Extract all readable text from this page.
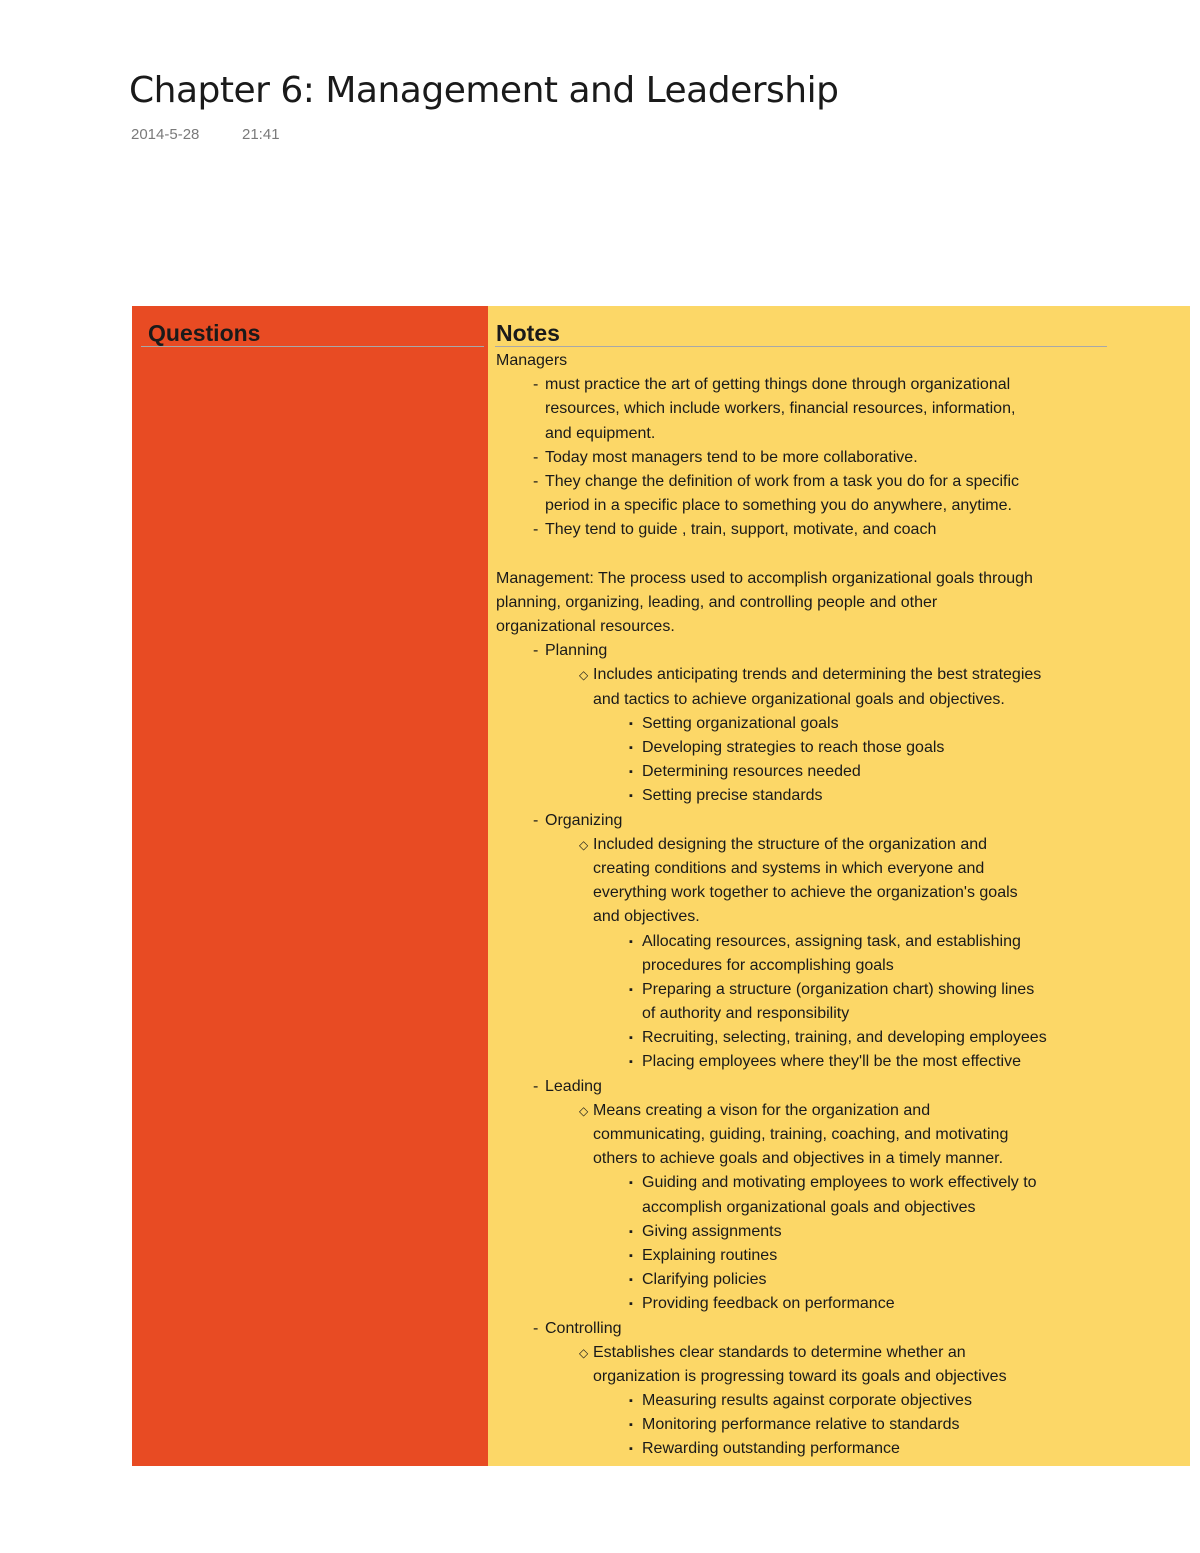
Chapter 6: Management and Leadership
2014-5-28	21:41
Questions	Notes
Managers
- must practice the art of getting things done through organizational
resources, which include workers, financial resources, information,
and equipment.
- Today most managers tend to be more collaborative.
- They change the definition of work from a task you do for a specific
period in a specific place to something you do anywhere, anytime.
- They tend to guide , train, support, motivate, and coach
Management: The process used to accomplish organizational goals through
planning, organizing, leading, and controlling people and other
organizational resources.
- Planning
◇ Includes anticipating trends and determining the best strategies
and tactics to achieve organizational goals and objectives.
▪ Setting organizational goals
▪ Developing strategies to reach those goals
▪ Determining resources needed
▪ Setting precise standards
- Organizing
◇ Included designing the structure of the organization and
creating conditions and systems in which everyone and
everything work together to achieve the organization's goals
and objectives.
▪ Allocating resources, assigning task, and establishing
procedures for accomplishing goals
▪ Preparing a structure (organization chart) showing lines
of authority and responsibility
▪ Recruiting, selecting, training, and developing employees
▪ Placing employees where they'll be the most effective
- Leading
◇ Means creating a vison for the organization and
communicating, guiding, training, coaching, and motivating
others to achieve goals and objectives in a timely manner.
▪ Guiding and motivating employees to work effectively to
accomplish organizational goals and objectives
▪ Giving assignments
▪ Explaining routines
▪ Clarifying policies
▪ Providing feedback on performance
- Controlling
◇ Establishes clear standards to determine whether an
organization is progressing toward its goals and objectives
▪ Measuring results against corporate objectives
▪ Monitoring performance relative to standards
▪ Rewarding outstanding performance
